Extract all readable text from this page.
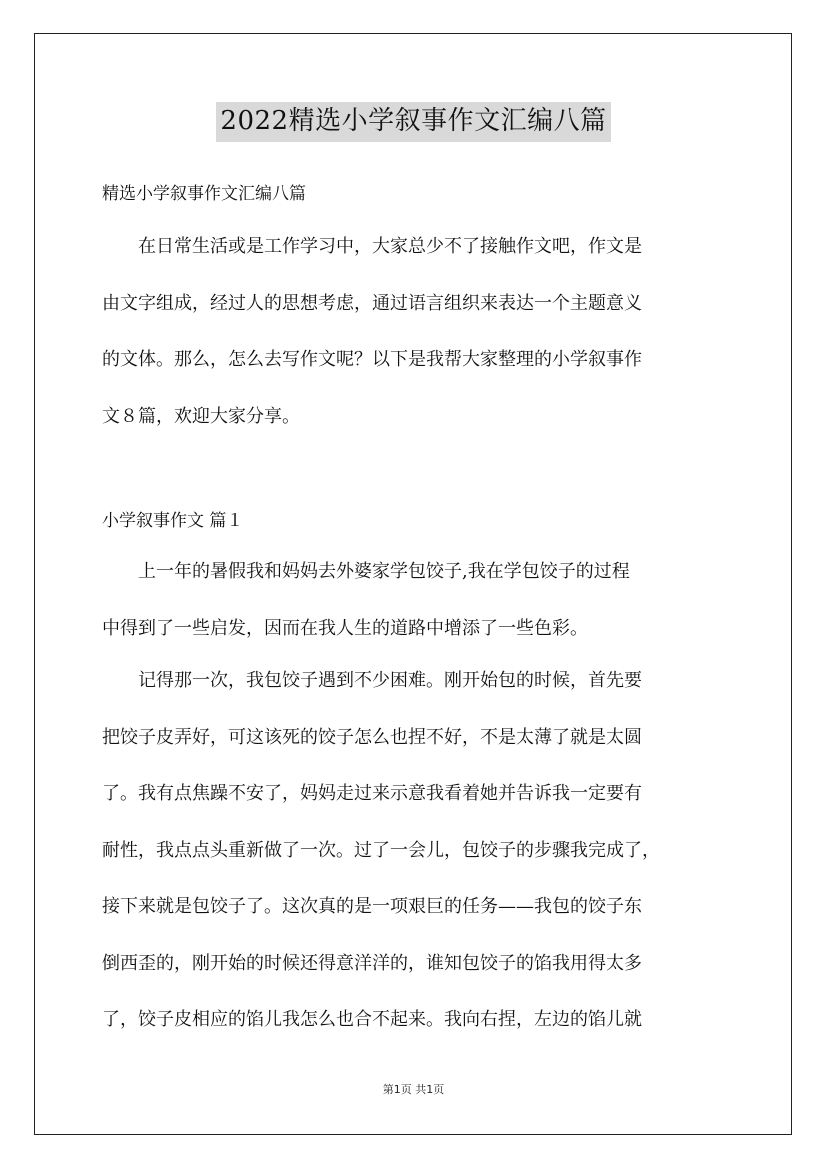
2022精选小学叙事作文汇编八篇
精选小学叙事作文汇编八篇
　　在日常生活或是工作学习中，大家总少不了接触作文吧，作文是
由文字组成，经过人的思想考虑，通过语言组织来表达一个主题意义
的文体。那么，怎么去写作文呢？以下是我帮大家整理的小学叙事作
文８篇，欢迎大家分享。
小学叙事作文 篇１
　　上一年的暑假我和妈妈去外婆家学包饺子,我在学包饺子的过程
中得到了一些启发，因而在我人生的道路中增添了一些色彩。
　　记得那一次，我包饺子遇到不少困难。刚开始包的时候，首先要
把饺子皮弄好，可这该死的饺子怎么也捏不好，不是太薄了就是太圆
了。我有点焦躁不安了，妈妈走过来示意我看着她并告诉我一定要有
耐性，我点点头重新做了一次。过了一会儿，包饺子的步骤我完成了，
接下来就是包饺子了。这次真的是一项艰巨的任务——我包的饺子东
倒西歪的，刚开始的时候还得意洋洋的，谁知包饺子的馅我用得太多
了，饺子皮相应的馅儿我怎么也合不起来。我向右捏，左边的馅儿就
第1页 共1页
